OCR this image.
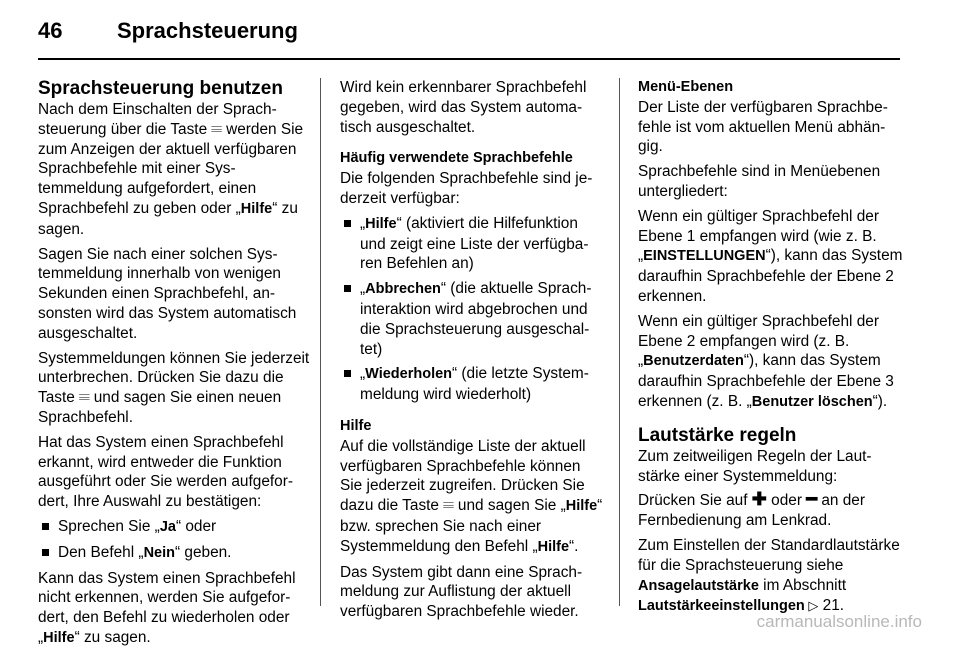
46 Sprachsteuerung
Sprachsteuerung benutzen

Nach dem Einschalten der Sprachsteuerung über die Taste 𝄘 werden Sie zum Anzeigen der aktuell verfügbaren Sprachbefehle mit einer Systemmeldung aufgefordert, einen Sprachbefehl zu geben oder „Hilfe“ zu sagen.

Sagen Sie nach einer solchen Systemmeldung innerhalb von wenigen Sekunden einen Sprachbefehl, ansonsten wird das System automatisch ausgeschaltet.

Systemmeldungen können Sie jederzeit unterbrechen. Drücken Sie dazu die Taste 𝄘 und sagen Sie einen neuen Sprachbefehl.

Hat das System einen Sprachbefehl erkannt, wird entweder die Funktion ausgeführt oder Sie werden aufgefordert, Ihre Auswahl zu bestätigen:

Sprechen Sie „Ja“ oder
Den Befehl „Nein“ geben.

Kann das System einen Sprachbefehl nicht erkennen, werden Sie aufgefordert, den Befehl zu wiederholen oder „Hilfe“ zu sagen.

Wird kein erkennbarer Sprachbefehl gegeben, wird das System automatisch ausgeschaltet.

Häufig verwendete Sprachbefehle

Die folgenden Sprachbefehle sind jederzeit verfügbar:

„Hilfe“ (aktiviert die Hilfefunktion und zeigt eine Liste der verfügbaren Befehlen an)
„Abbrechen“ (die aktuelle Sprachinteraktion wird abgebrochen und die Sprachsteuerung ausgeschaltet)
„Wiederholen“ (die letzte Systemmeldung wird wiederholt)
Hilfe

Auf die vollständige Liste der aktuell verfügbaren Sprachbefehle können Sie jederzeit zugreifen. Drücken Sie dazu die Taste 𝄘 und sagen Sie „Hilfe“ bzw. sprechen Sie nach einer Systemmeldung den Befehl „Hilfe“.

Das System gibt dann eine Sprachmeldung zur Auflistung der aktuell verfügbaren Sprachbefehle wieder.

Menü-Ebenen

Der Liste der verfügbaren Sprachbefehle ist vom aktuellen Menü abhängig.

Sprachbefehle sind in Menüebenen untergliedert:

Wenn ein gültiger Sprachbefehl der Ebene 1 empfangen wird (wie z. B. „EINSTELLUNGEN“), kann das System daraufhin Sprachbefehle der Ebene 2 erkennen.

Wenn ein gültiger Sprachbefehl der Ebene 2 empfangen wird (z. B. „Benutzerdaten“), kann das System daraufhin Sprachbefehle der Ebene 3 erkennen (z. B. „Benutzer löschen“).

Lautstärke regeln

Zum zeitweiligen Regeln der Lautstärke einer Systemmeldung:

Drücken Sie auf ✚ oder ━ an der Fernbedienung am Lenkrad.

Zum Einstellen der Standardlautstärke für die Sprachsteuerung siehe Ansagelautstärke im Abschnitt Lautstärkeeinstellungen ▷ 21.

carmanualsonline.info
